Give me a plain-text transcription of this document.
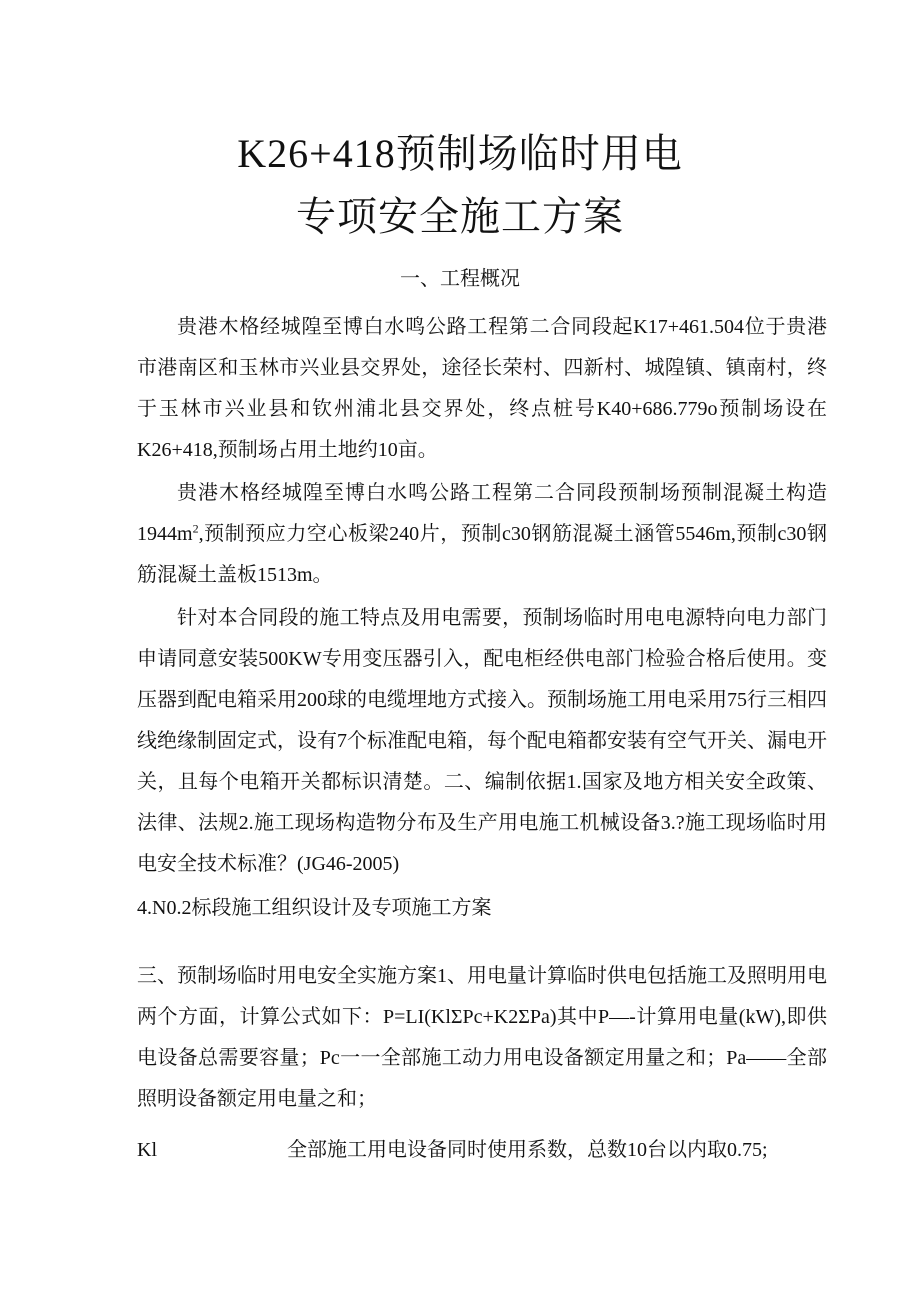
K26+418预制场临时用电
专项安全施工方案
一、工程概况

贵港木格经城隍至博白水鸣公路工程第二合同段起K17+461.504位于贵港市港南区和玉林市兴业县交界处，途径长荣村、四新村、城隍镇、镇南村，终于玉林市兴业县和钦州浦北县交界处，终点桩号K40+686.779o预制场设在K26+418,预制场占用土地约10亩。

贵港木格经城隍至博白水鸣公路工程第二合同段预制场预制混凝土构造$1944m^2$,预制预应力空心板梁240片，预制c30钢筋混凝土涵管5546m,预制c30钢筋混凝土盖板1513m。

针对本合同段的施工特点及用电需要，预制场临时用电电源特向电力部门申请同意安装500KW专用变压器引入，配电柜经供电部门检验合格后使用。变压器到配电箱采用200球的电缆埋地方式接入。预制场施工用电采用75行三相四线绝缘制固定式，设有7个标准配电箱，每个配电箱都安装有空气开关、漏电开关，且每个电箱开关都标识清楚。二、编制依据1.国家及地方相关安全政策、法律、法规2.施工现场构造物分布及生产用电施工机械设备3.?施工现场临时用电安全技术标准？(JG46-2005)

4.N0.2标段施工组织设计及专项施工方案

三、预制场临时用电安全实施方案1、用电量计算临时供电包括施工及照明用电两个方面，计算公式如下：P=LI(KlΣPc+K2ΣPa)其中P—-计算用电量(kW),即供电设备总需要容量；Pc一一全部施工动力用电设备额定用量之和；Pa——全部照明设备额定用电量之和；

Kl	全部施工用电设备同时使用系数，总数10台以内取0.75;
